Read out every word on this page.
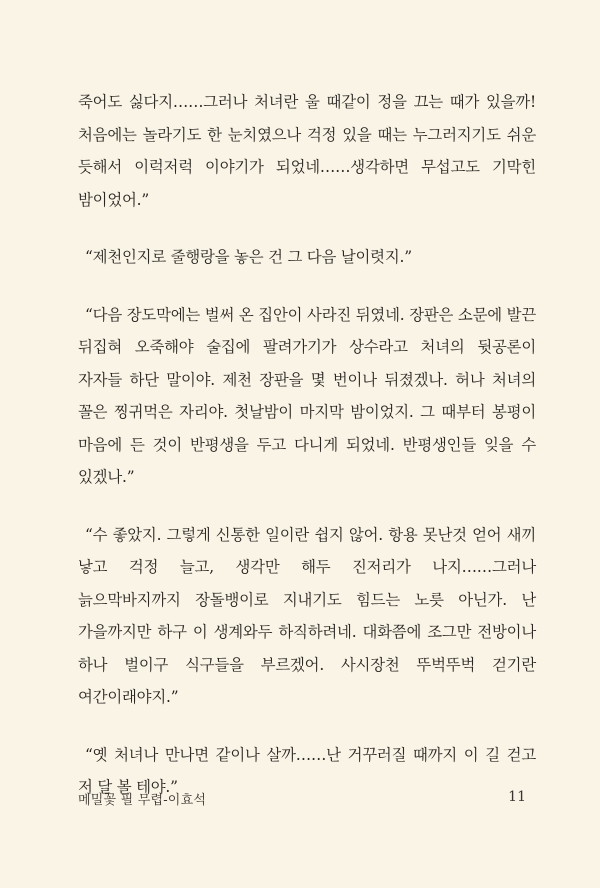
죽어도 싫다지……그러나 처녀란 울 때같이 정을 끄는 때가 있을까! 처음에는 놀라기도 한 눈치였으나 걱정 있을 때는 누그러지기도 쉬운 듯해서 이럭저럭 이야기가 되었네……생각하면 무섭고도 기막힌 밤이었어.”

“제천인지로 줄행랑을 놓은 건 그 다음 날이렷지.”

“다음 장도막에는 벌써 온 집안이 사라진 뒤였네. 장판은 소문에 발끈 뒤집혀 오죽해야 술집에 팔려가기가 상수라고 처녀의 뒷공론이 자자들 하단 말이야. 제천 장판을 몇 번이나 뒤졌겠나. 허나 처녀의 꼴은 찡귀먹은 자리야. 첫날밤이 마지막 밤이었지. 그 때부터 봉평이 마음에 든 것이 반평생을 두고 다니게 되었네. 반평생인들 잊을 수 있겠나.”

“수 좋았지. 그렇게 신통한 일이란 쉽지 않어. 항용 못난것 얻어 새끼 낳고 걱정 늘고, 생각만 해두 진저리가 나지……그러나 늙으막바지까지 장돌뱅이로 지내기도 힘드는 노릇 아닌가. 난 가을까지만 하구 이 생계와두 하직하려네. 대화쯤에 조그만 전방이나 하나 벌이구 식구들을 부르겠어. 사시장천 뚜벅뚜벅 걷기란 여간이래야지.”

“옛 처녀나 만나면 같이나 살까……난 거꾸러질 때까지 이 길 걷고 저 달 볼 테야.”

메밀꽃 필 무렵-이효석	11
